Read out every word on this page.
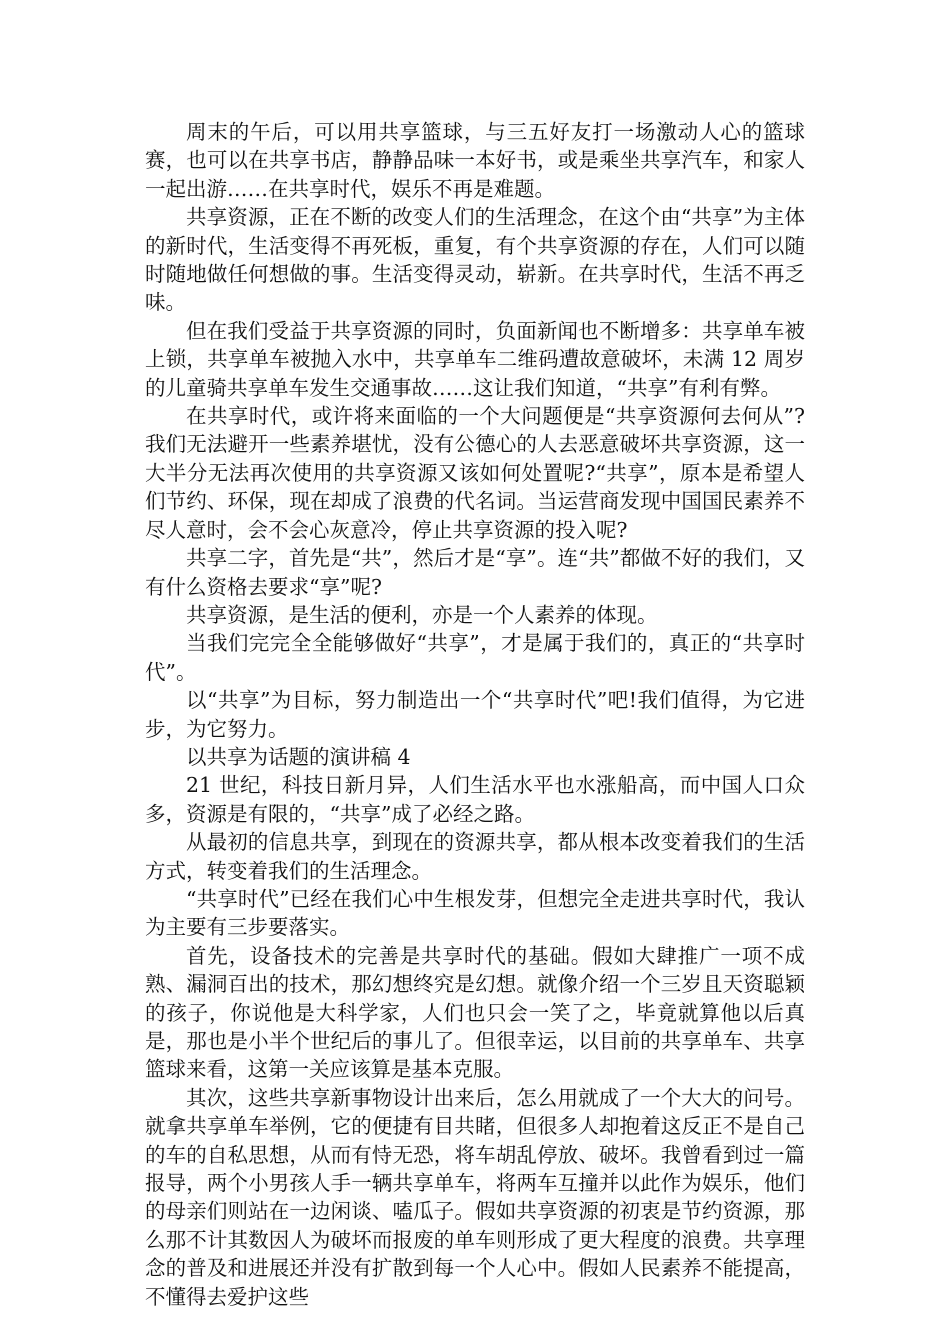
周末的午后，可以用共享篮球，与三五好友打一场激动人心的篮球赛，也可以在共享书店，静静品味一本好书，或是乘坐共享汽车，和家人一起出游……在共享时代，娱乐不再是难题。

共享资源，正在不断的改变人们的生活理念，在这个由“共享”为主体的新时代，生活变得不再死板，重复，有个共享资源的存在，人们可以随时随地做任何想做的事。生活变得灵动，崭新。在共享时代，生活不再乏味。

但在我们受益于共享资源的同时，负面新闻也不断增多：共享单车被上锁，共享单车被抛入水中，共享单车二维码遭故意破坏，未满 12 周岁的儿童骑共享单车发生交通事故……这让我们知道，“共享”有利有弊。

在共享时代，或许将来面临的一个大问题便是“共享资源何去何从”?我们无法避开一些素养堪忧，没有公德心的人去恶意破坏共享资源，这一大半分无法再次使用的共享资源又该如何处置呢?“共享”，原本是希望人们节约、环保，现在却成了浪费的代名词。当运营商发现中国国民素养不尽人意时，会不会心灰意冷，停止共享资源的投入呢?

共享二字，首先是“共”，然后才是“享”。连“共”都做不好的我们，又有什么资格去要求“享”呢?

共享资源，是生活的便利，亦是一个人素养的体现。

当我们完完全全能够做好“共享”，才是属于我们的，真正的“共享时代”。

以“共享”为目标，努力制造出一个“共享时代”吧!我们值得，为它进步，为它努力。

以共享为话题的演讲稿 4

21 世纪，科技日新月异，人们生活水平也水涨船高，而中国人口众多，资源是有限的，“共享”成了必经之路。

从最初的信息共享，到现在的资源共享，都从根本改变着我们的生活方式，转变着我们的生活理念。

“共享时代”已经在我们心中生根发芽，但想完全走进共享时代，我认为主要有三步要落实。

首先，设备技术的完善是共享时代的基础。假如大肆推广一项不成熟、漏洞百出的技术，那幻想终究是幻想。就像介绍一个三岁且天资聪颖的孩子，你说他是大科学家，人们也只会一笑了之，毕竟就算他以后真是，那也是小半个世纪后的事儿了。但很幸运，以目前的共享单车、共享篮球来看，这第一关应该算是基本克服。

其次，这些共享新事物设计出来后，怎么用就成了一个大大的问号。就拿共享单车举例，它的便捷有目共睹，但很多人却抱着这反正不是自己的车的自私思想，从而有恃无恐，将车胡乱停放、破坏。我曾看到过一篇报导，两个小男孩人手一辆共享单车，将两车互撞并以此作为娱乐，他们的母亲们则站在一边闲谈、嗑瓜子。假如共享资源的初衷是节约资源，那么那不计其数因人为破坏而报废的单车则形成了更大程度的浪费。共享理念的普及和进展还并没有扩散到每一个人心中。假如人民素养不能提高，不懂得去爱护这些
